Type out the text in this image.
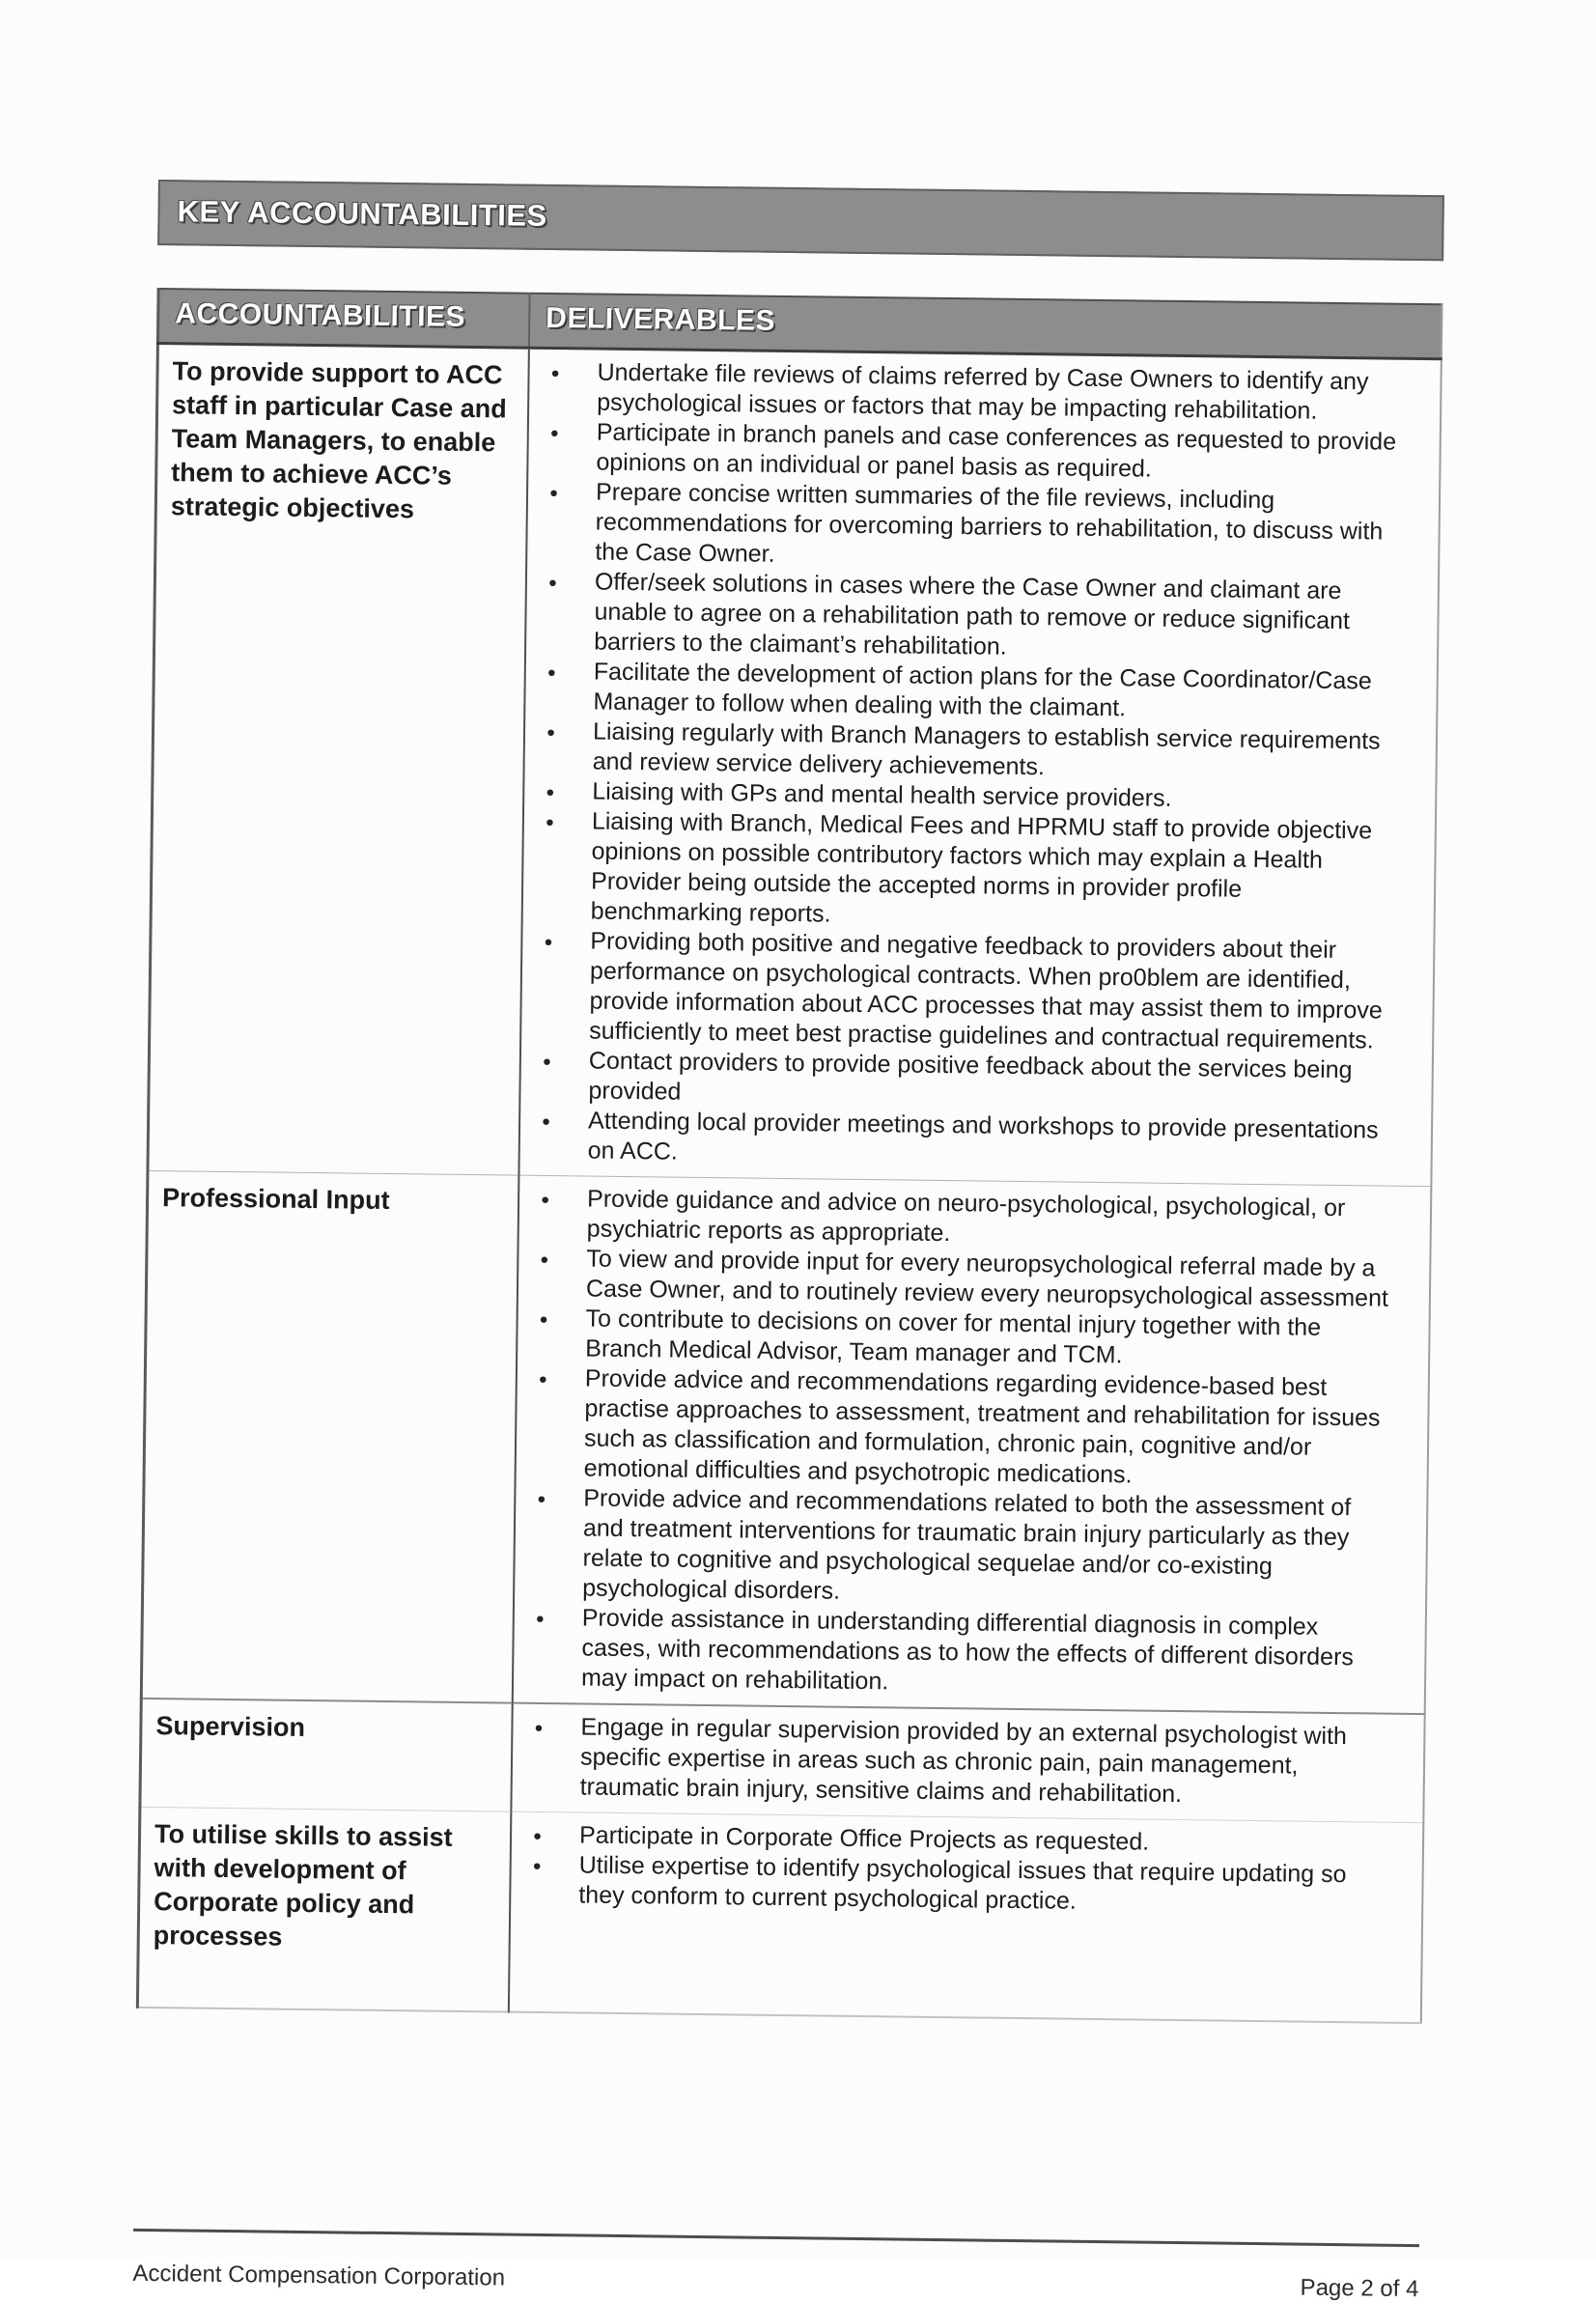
KEY ACCOUNTABILITIES
ACCOUNTABILITIES	DELIVERABLES

To provide support to ACC staff in particular Case and Team Managers, to enable them to achieve ACC’s strategic objectives

● Undertake file reviews of claims referred by Case Owners to identify any psychological issues or factors that may be impacting rehabilitation.
● Participate in branch panels and case conferences as requested to provide opinions on an individual or panel basis as required.
● Prepare concise written summaries of the file reviews, including recommendations for overcoming barriers to rehabilitation, to discuss with the Case Owner.
● Offer/seek solutions in cases where the Case Owner and claimant are unable to agree on a rehabilitation path to remove or reduce significant barriers to the claimant’s rehabilitation.
● Facilitate the development of action plans for the Case Coordinator/Case Manager to follow when dealing with the claimant.
● Liaising regularly with Branch Managers to establish service requirements and review service delivery achievements.
● Liaising with GPs and mental health service providers.
● Liaising with Branch, Medical Fees and HPRMU staff to provide objective opinions on possible contributory factors which may explain a Health Provider being outside the accepted norms in provider profile benchmarking reports.
● Providing both positive and negative feedback to providers about their performance on psychological contracts. When pro0blem are identified, provide information about ACC processes that may assist them to improve sufficiently to meet best practise guidelines and contractual requirements.
● Contact providers to provide positive feedback about the services being provided
● Attending local provider meetings and workshops to provide presentations on ACC.

Professional Input

●Provide guidance and advice on neuro-psychological, psychological, or psychiatric reports as appropriate.
● To view and provide input for every neuropsychological referral made by a Case Owner, and to routinely review every neuropsychological assessment
● To contribute to decisions on cover for mental injury together with the Branch Medical Advisor, Team manager and TCM.
● Provide advice and recommendations regarding evidence-based best practise approaches to assessment, treatment and rehabilitation for issues such as classification and formulation, chronic pain, cognitive and/or emotional difficulties and psychotropic medications.
● Provide advice and recommendations related to both the assessment of and treatment interventions for traumatic brain injury particularly as they relate to cognitive and psychological sequelae and/or co-existing psychological disorders.
● Provide assistance in understanding differential diagnosis in complex cases, with recommendations as to how the effects of different disorders may impact on rehabilitation.

Supervision

●Engage in regular supervision provided by an external psychologist with specific expertise in areas such as chronic pain, pain management, traumatic brain injury, sensitive claims and rehabilitation.

To utilise skills to assist with development of Corporate policy and processes

● Participate in Corporate Office Projects as requested.
● Utilise expertise to identify psychological issues that require updating so they conform to current psychological practice.
Accident Compensation Corporation	Page 2 of 4
